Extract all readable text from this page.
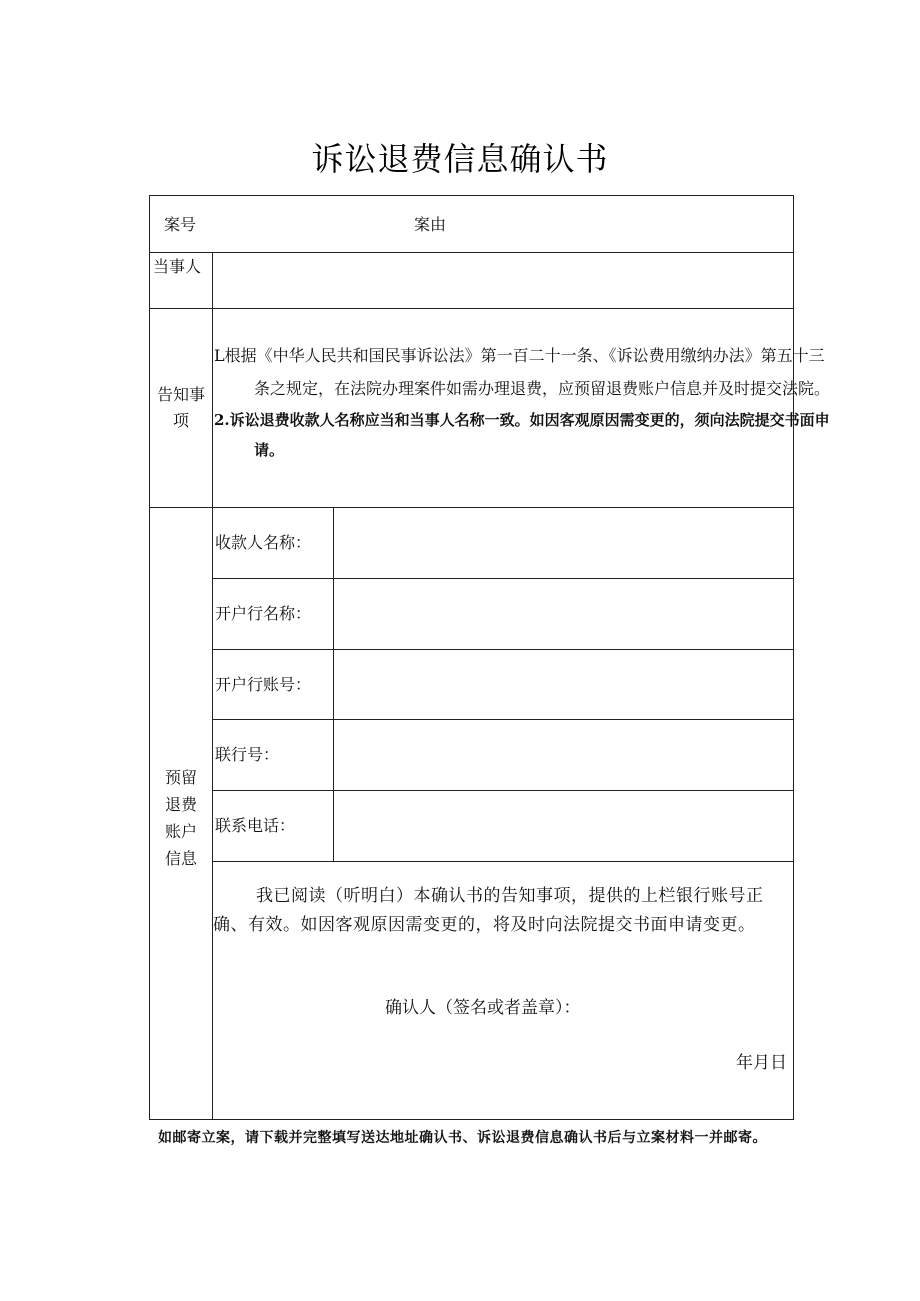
诉讼退费信息确认书
案号	案由
当事人
告知事
项
L根据《中华人民共和国民事诉讼法》第一百二十一条、《诉讼费用缴纳办法》第五十三条之规定，在法院办理案件如需办理退费，应预留退费账户信息并及时提交法院。
2.诉讼退费收款人名称应当和当事人名称一致。如因客观原因需变更的，须向法院提交书面申请。
预留
退费
账户
信息
收款人名称：
开户行名称：
开户行账号：
联行号：
联系电话：
我已阅读（听明白）本确认书的告知事项，提供的上栏银行账号正确、有效。如因客观原因需变更的，将及时向法院提交书面申请变更。
确认人（签名或者盖章）：
年月日
如邮寄立案，请下载并完整填写送达地址确认书、诉讼退费信息确认书后与立案材料一并邮寄。
